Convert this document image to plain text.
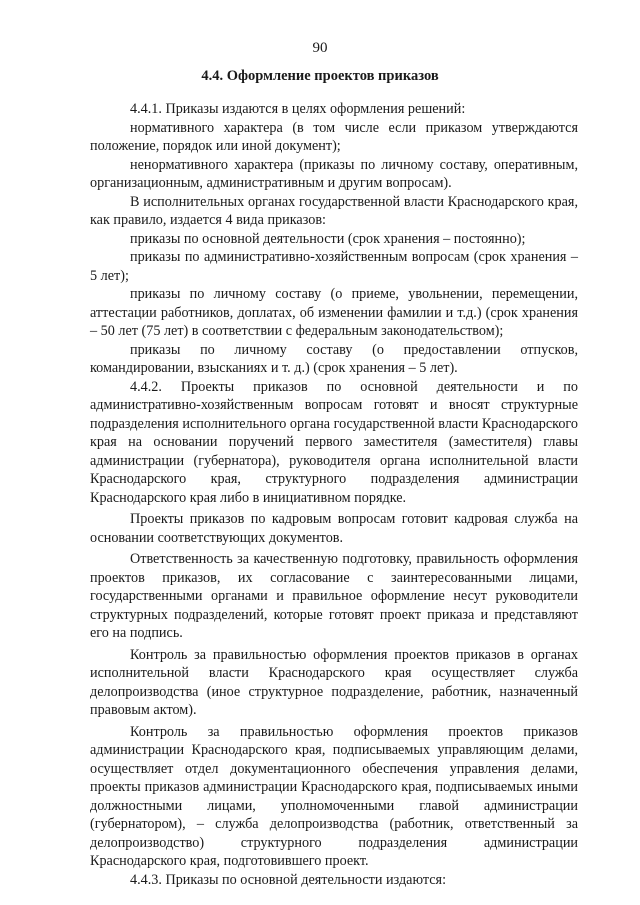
90
4.4. Оформление проектов приказов

4.4.1. Приказы издаются в целях оформления решений:

нормативного характера (в том числе если приказом утверждаются положение, порядок или иной документ);

ненормативного характера (приказы по личному составу, оперативным, организационным, административным и другим вопросам).

В исполнительных органах государственной власти Краснодарского края, как правило, издается 4 вида приказов:

приказы по основной деятельности (срок хранения – постоянно);

приказы по административно-хозяйственным вопросам (срок хранения – 5 лет);

приказы по личному составу (о приеме, увольнении, перемещении, аттестации работников, доплатах, об изменении фамилии и т.д.) (срок хранения – 50 лет (75 лет) в соответствии с федеральным законодательством);

приказы по личному составу (о предоставлении отпусков, командировании, взысканиях и т. д.) (срок хранения – 5 лет).

4.4.2. Проекты приказов по основной деятельности и по административно-хозяйственным вопросам готовят и вносят структурные подразделения исполнительного органа государственной власти Краснодарского края на основании поручений первого заместителя (заместителя) главы администрации (губернатора), руководителя органа исполнительной власти Краснодарского края, структурного подразделения администрации Краснодарского края либо в инициативном порядке.

Проекты приказов по кадровым вопросам готовит кадровая служба на основании соответствующих документов.

Ответственность за качественную подготовку, правильность оформления проектов приказов, их согласование с заинтересованными лицами, государственными органами и правильное оформление несут руководители структурных подразделений, которые готовят проект приказа и представляют его на подпись.

Контроль за правильностью оформления проектов приказов в органах исполнительной власти Краснодарского края осуществляет служба делопроизводства (иное структурное подразделение, работник, назначенный правовым актом).

Контроль за правильностью оформления проектов приказов администрации Краснодарского края, подписываемых управляющим делами, осуществляет отдел документационного обеспечения управления делами, проекты приказов администрации Краснодарского края, подписываемых иными должностными лицами, уполномоченными главой администрации (губернатором), – служба делопроизводства (работник, ответственный за делопроизводство) структурного подразделения администрации Краснодарского края, подготовившего проект.

4.4.3. Приказы по основной деятельности издаются:
